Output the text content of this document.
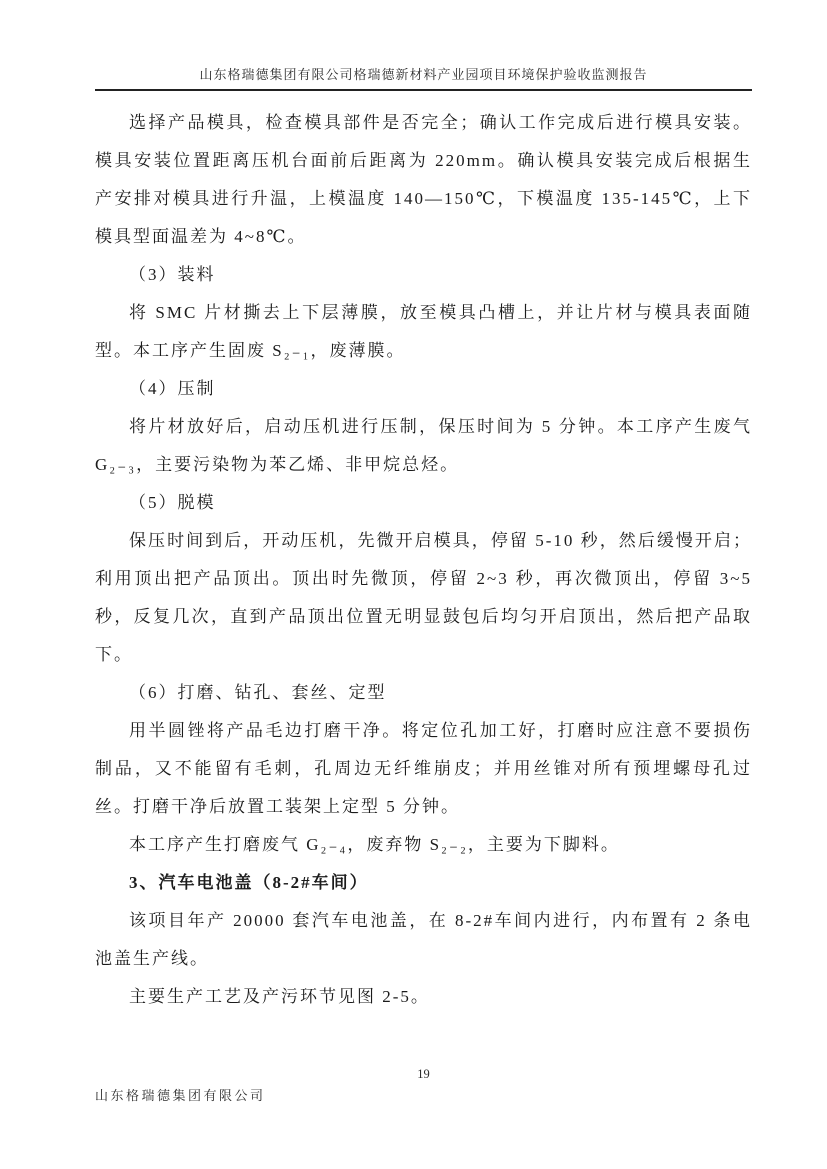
山东格瑞德集团有限公司格瑞德新材料产业园项目环境保护验收监测报告

选择产品模具，检查模具部件是否完全；确认工作完成后进行模具安装。模具安装位置距离压机台面前后距离为 220mm。确认模具安装完成后根据生产安排对模具进行升温，上模温度 140—150℃，下模温度 135-145℃，上下模具型面温差为 4~8℃。

（3）装料

将 SMC 片材撕去上下层薄膜，放至模具凸槽上，并让片材与模具表面随型。本工序产生固废 S₂₋₁，废薄膜。

（4）压制

将片材放好后，启动压机进行压制，保压时间为 5 分钟。本工序产生废气 G₂₋₃，主要污染物为苯乙烯、非甲烷总烃。

（5）脱模

保压时间到后，开动压机，先微开启模具，停留 5-10 秒，然后缓慢开启；利用顶出把产品顶出。顶出时先微顶，停留 2~3 秒，再次微顶出，停留 3~5 秒，反复几次，直到产品顶出位置无明显鼓包后均匀开启顶出，然后把产品取下。

（6）打磨、钻孔、套丝、定型

用半圆锉将产品毛边打磨干净。将定位孔加工好，打磨时应注意不要损伤制品，又不能留有毛刺，孔周边无纤维崩皮；并用丝锥对所有预埋螺母孔过丝。打磨干净后放置工装架上定型 5 分钟。

本工序产生打磨废气 G₂₋₄，废弃物 S₂₋₂，主要为下脚料。

3、汽车电池盖（8-2#车间）

该项目年产 20000 套汽车电池盖，在 8-2#车间内进行，内布置有 2 条电池盖生产线。

主要生产工艺及产污环节见图 2-5。

19
山东格瑞德集团有限公司
